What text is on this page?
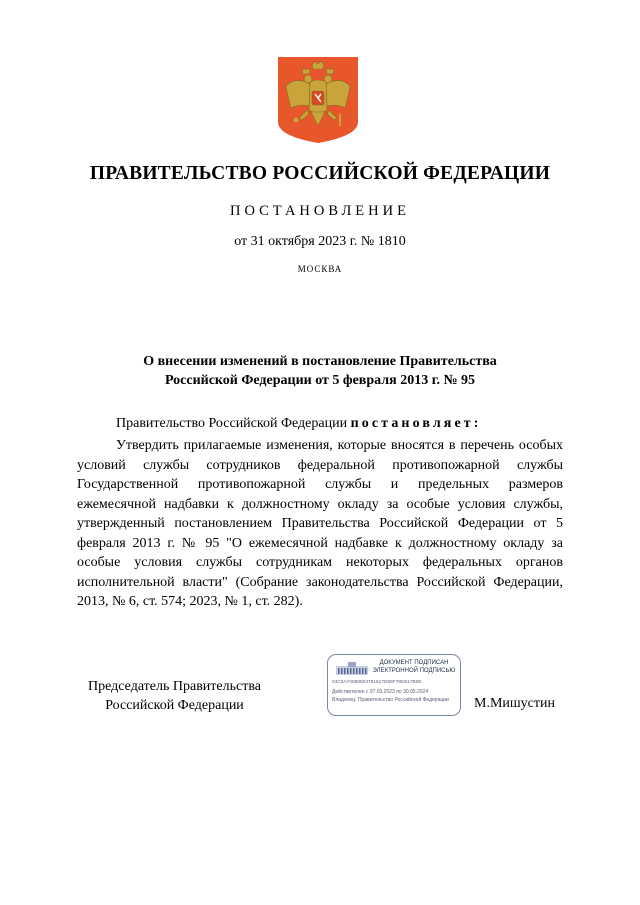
ПРАВИТЕЛЬСТВО РОССИЙСКОЙ ФЕДЕРАЦИИ
ПОСТАНОВЛЕНИЕ
от 31 октября 2023 г. № 1810
МОСКВА
О внесении изменений в постановление Правительства
Российской Федерации от 5 февраля 2013 г. № 95
Правительство Российской Федерации постановляет:
Утвердить прилагаемые изменения, которые вносятся в перечень особых условий службы сотрудников федеральной противопожарной службы Государственной противопожарной службы и предельных размеров ежемесячной надбавки к должностному окладу за особые условия службы, утвержденный постановлением Правительства Российской Федерации от 5 февраля 2013 г. № 95 "О ежемесячной надбавке к должностному окладу за особые условия службы сотрудникам некоторых федеральных органов исполнительной власти" (Собрание законодательства Российской Федерации, 2013, № 6, ст. 574; 2023, № 1, ст. 282).
Председатель Правительства
Российской Федерации
ДОКУМЕНТ ПОДПИСАН
ЭЛЕКТРОННОЙ ПОДПИСЬЮ
24C3A70090503761617D69F78D517B0E
Действителен с 07.03.2023 по 30.05.2024
Владелец: Правительство Российской Федерации М.Мишустин
